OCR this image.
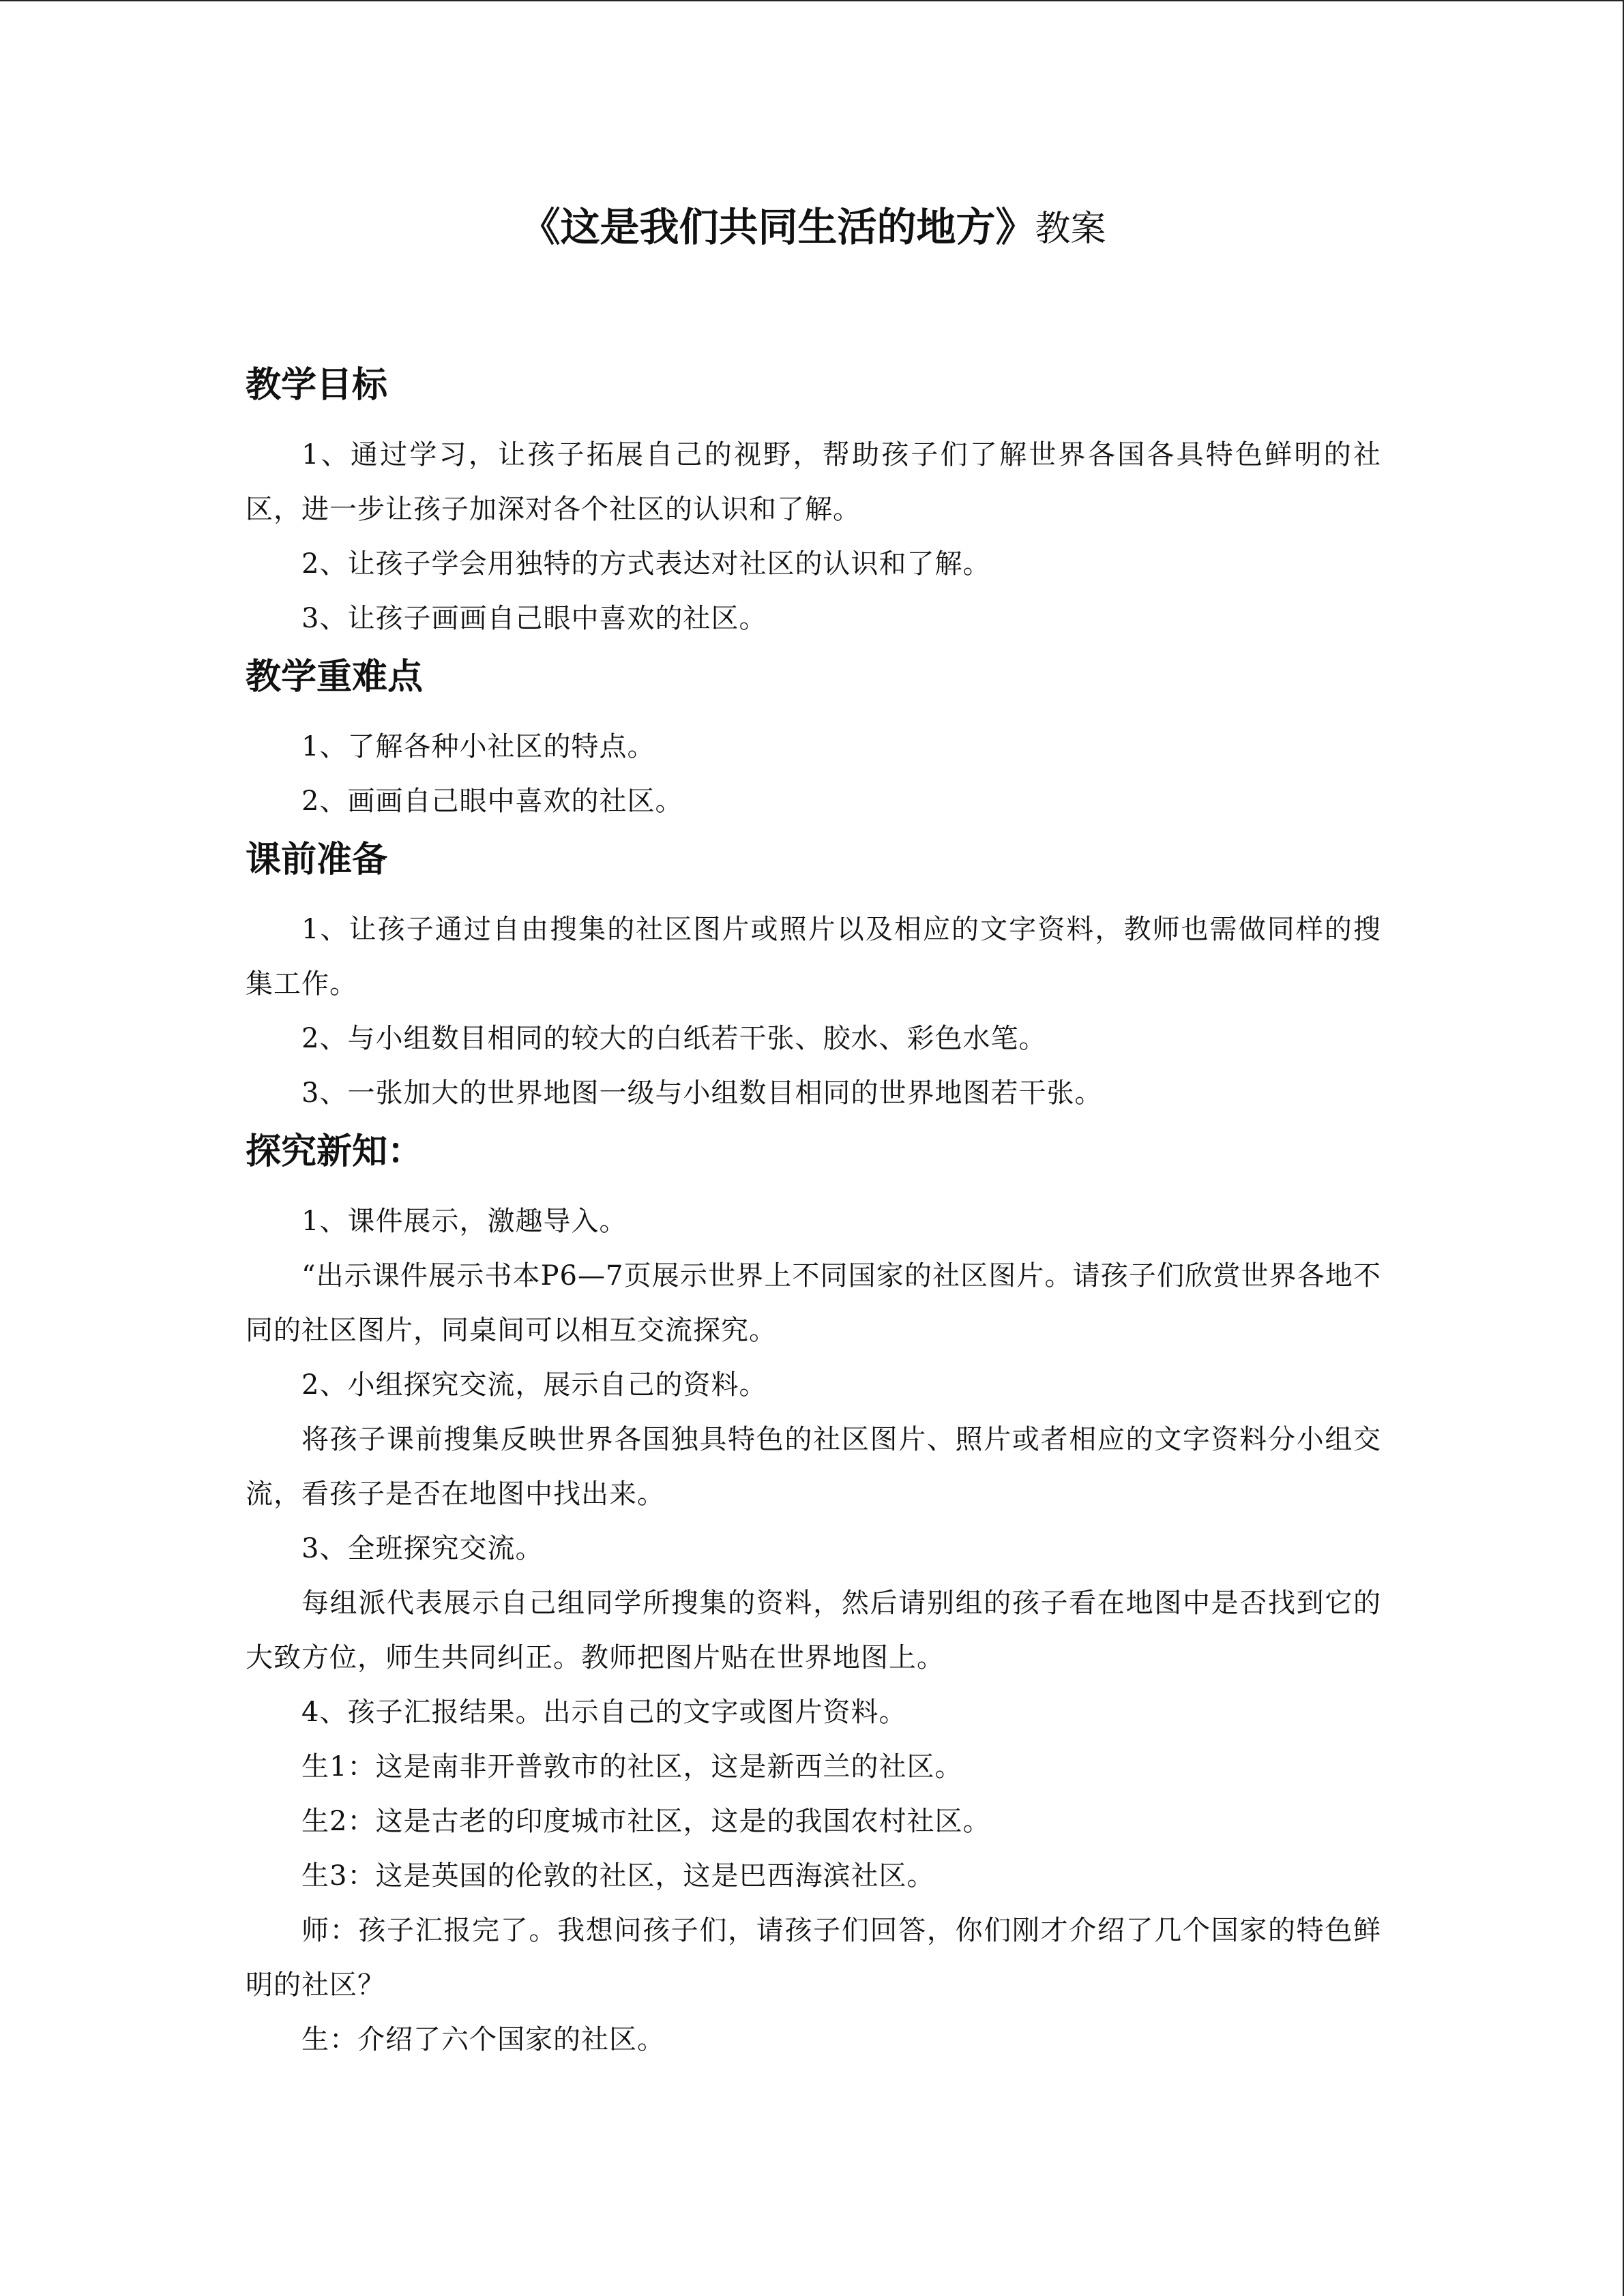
《这是我们共同生活的地方》教案
教学目标

1、通过学习，让孩子拓展自己的视野，帮助孩子们了解世界各国各具特色鲜明的社区，进一步让孩子加深对各个社区的认识和了解。

2、让孩子学会用独特的方式表达对社区的认识和了解。

3、让孩子画画自己眼中喜欢的社区。

教学重难点

1、了解各种小社区的特点。

2、画画自己眼中喜欢的社区。

课前准备

1、让孩子通过自由搜集的社区图片或照片以及相应的文字资料，教师也需做同样的搜集工作。

2、与小组数目相同的较大的白纸若干张、胶水、彩色水笔。

3、一张加大的世界地图一级与小组数目相同的世界地图若干张。

探究新知：

1、课件展示，激趣导入。

“出示课件展示书本P6—7页展示世界上不同国家的社区图片。请孩子们欣赏世界各地不同的社区图片，同桌间可以相互交流探究。

2、小组探究交流，展示自己的资料。

将孩子课前搜集反映世界各国独具特色的社区图片、照片或者相应的文字资料分小组交流，看孩子是否在地图中找出来。

3、全班探究交流。

每组派代表展示自己组同学所搜集的资料，然后请别组的孩子看在地图中是否找到它的大致方位，师生共同纠正。教师把图片贴在世界地图上。

4、孩子汇报结果。出示自己的文字或图片资料。

生1：这是南非开普敦市的社区，这是新西兰的社区。

生2：这是古老的印度城市社区，这是的我国农村社区。

生3：这是英国的伦敦的社区，这是巴西海滨社区。

师：孩子汇报完了。我想问孩子们，请孩子们回答，你们刚才介绍了几个国家的特色鲜明的社区？

生：介绍了六个国家的社区。
